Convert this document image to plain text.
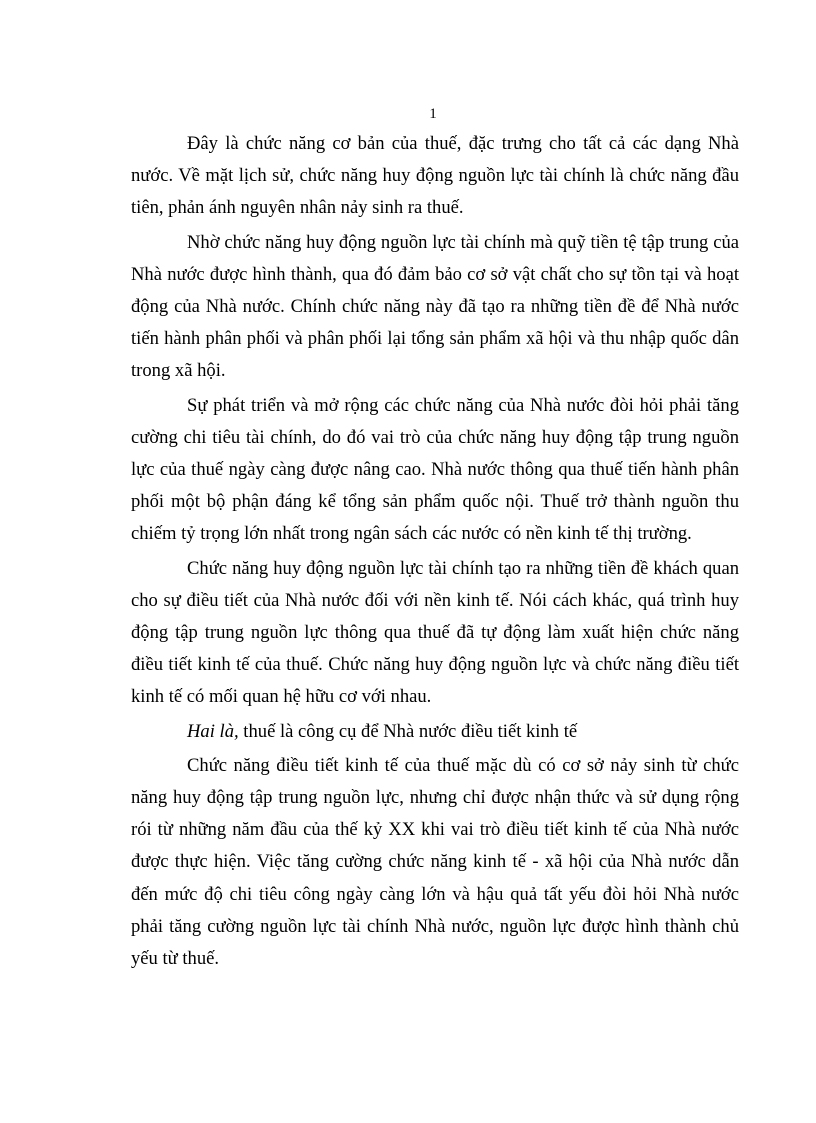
1

Đây là chức năng cơ bản của thuế, đặc trưng cho tất cả các dạng Nhà nước. Về mặt lịch sử, chức năng huy động nguồn lực tài chính là chức năng đầu tiên, phản ánh nguyên nhân nảy sinh ra thuế.

Nhờ chức năng huy động nguồn lực tài chính mà quỹ tiền tệ tập trung của Nhà nước được hình thành, qua đó đảm bảo cơ sở vật chất cho sự tồn tại và hoạt động của Nhà nước. Chính chức năng này đã tạo ra những tiền đề để Nhà nước tiến hành phân phối và phân phối lại tổng sản phẩm xã hội và thu nhập quốc dân trong xã hội.

Sự phát triển và mở rộng các chức năng của Nhà nước đòi hỏi phải tăng cường chi tiêu tài chính, do đó vai trò của chức năng huy động tập trung nguồn lực của thuế ngày càng được nâng cao. Nhà nước thông qua thuế tiến hành phân phối một bộ phận đáng kể tổng sản phẩm quốc nội. Thuế trở thành nguồn thu chiếm tỷ trọng lớn nhất trong ngân sách các nước có nền kinh tế thị trường.

Chức năng huy động nguồn lực tài chính tạo ra những tiền đề khách quan cho sự điều tiết của Nhà nước đối với nền kinh tế. Nói cách khác, quá trình huy động tập trung nguồn lực thông qua thuế đã tự động làm xuất hiện chức năng điều tiết kinh tế của thuế. Chức năng huy động nguồn lực và chức năng điều tiết kinh tế có mối quan hệ hữu cơ với nhau.

Hai là, thuế là công cụ để Nhà nước điều tiết kinh tế

Chức năng điều tiết kinh tế của thuế mặc dù có cơ sở nảy sinh từ chức năng huy động tập trung nguồn lực, nhưng chỉ được nhận thức và sử dụng rộng rói từ những năm đầu của thế kỷ XX khi vai trò điều tiết kinh tế của Nhà nước được thực hiện. Việc tăng cường chức năng kinh tế - xã hội của Nhà nước dẫn đến mức độ chi tiêu công ngày càng lớn và hậu quả tất yếu đòi hỏi Nhà nước phải tăng cường nguồn lực tài chính Nhà nước, nguồn lực được hình thành chủ yếu từ thuế.
